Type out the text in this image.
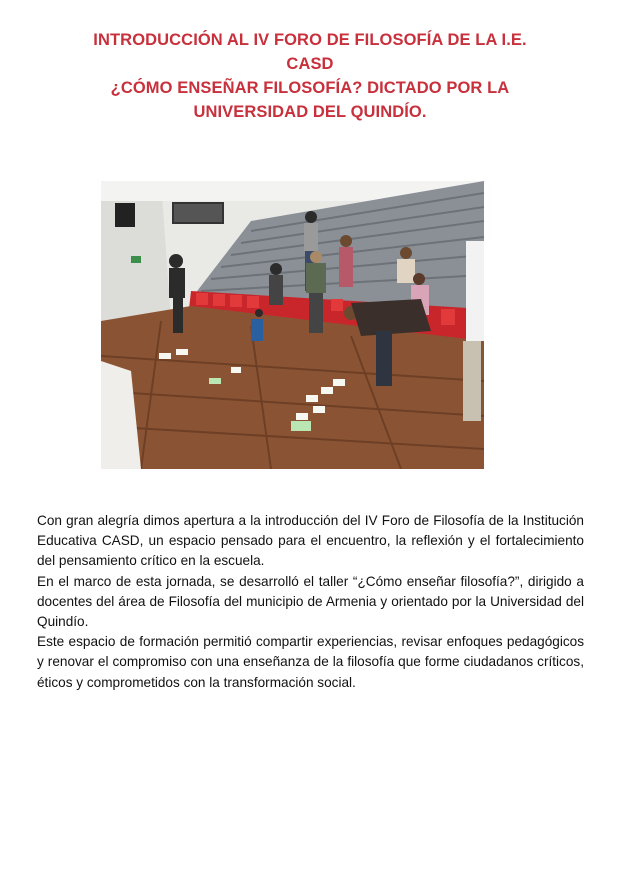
INTRODUCCIÓN AL IV FORO DE FILOSOFÍA DE LA I.E.
CASD
¿CÓMO ENSEÑAR FILOSOFÍA? DICTADO POR LA
UNIVERSIDAD DEL QUINDÍO.

Con gran alegría dimos apertura a la introducción del IV Foro de Filosofía de la Institución Educativa CASD, un espacio pensado para el encuentro, la reflexión y el fortalecimiento del pensamiento crítico en la escuela.

En el marco de esta jornada, se desarrolló el taller “¿Cómo enseñar filosofía?”, dirigido a docentes del área de Filosofía del municipio de Armenia y orientado por la Universidad del Quindío.

Este espacio de formación permitió compartir experiencias, revisar enfoques pedagógicos y renovar el compromiso con una enseñanza de la filosofía que forme ciudadanos críticos, éticos y comprometidos con la transformación social.
